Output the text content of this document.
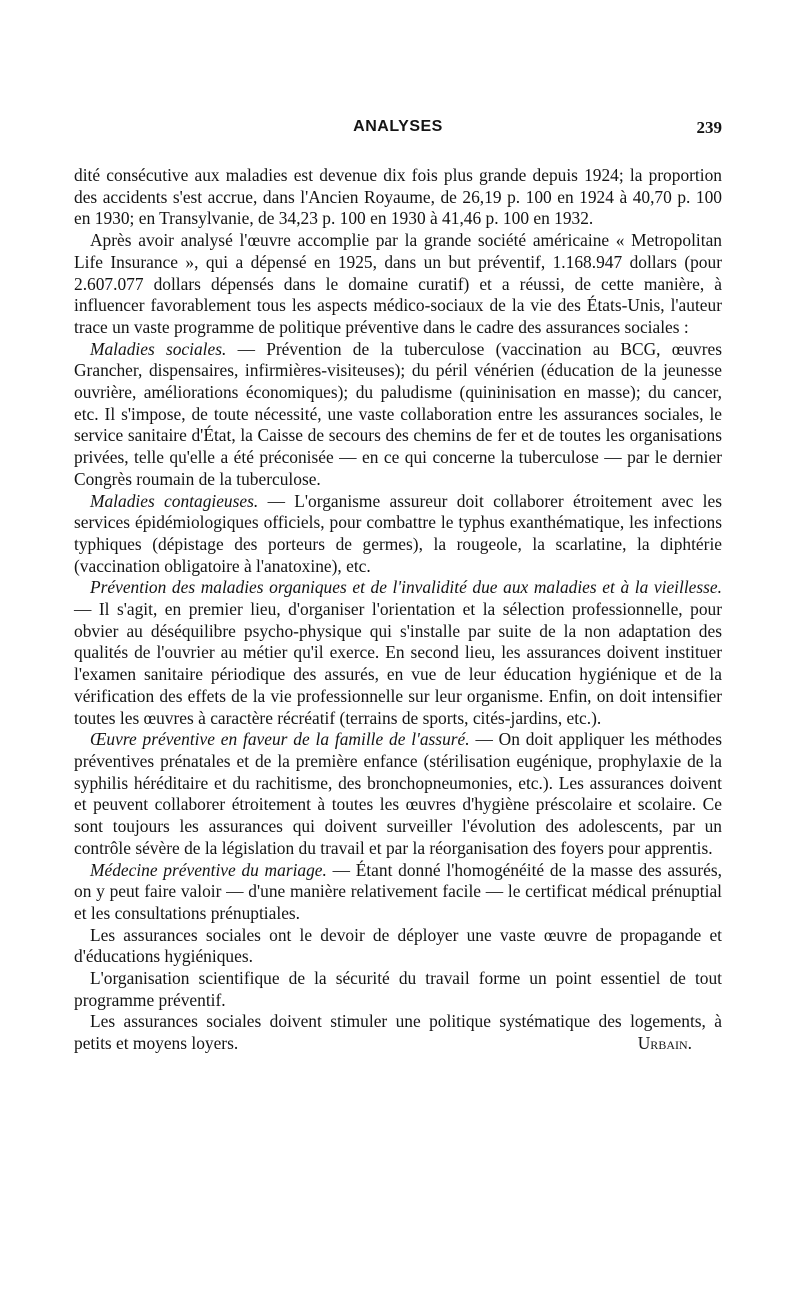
ANALYSES	239

dité consécutive aux maladies est devenue dix fois plus grande depuis 1924; la proportion des accidents s'est accrue, dans l'Ancien Royaume, de 26,19 p. 100 en 1924 à 40,70 p. 100 en 1930; en Transylvanie, de 34,23 p. 100 en 1930 à 41,46 p. 100 en 1932.

Après avoir analysé l'œuvre accomplie par la grande société américaine « Metropolitan Life Insurance », qui a dépensé en 1925, dans un but préventif, 1.168.947 dollars (pour 2.607.077 dollars dépensés dans le domaine curatif) et a réussi, de cette manière, à influencer favorablement tous les aspects médico-sociaux de la vie des États-Unis, l'auteur trace un vaste programme de politique préventive dans le cadre des assurances sociales :

Maladies sociales. — Prévention de la tuberculose (vaccination au BCG, œuvres Grancher, dispensaires, infirmières-visiteuses); du péril vénérien (éducation de la jeunesse ouvrière, améliorations économiques); du paludisme (quininisation en masse); du cancer, etc. Il s'impose, de toute nécessité, une vaste collaboration entre les assurances sociales, le service sanitaire d'État, la Caisse de secours des chemins de fer et de toutes les organisations privées, telle qu'elle a été préconisée — en ce qui concerne la tuberculose — par le dernier Congrès roumain de la tuberculose.

Maladies contagieuses. — L'organisme assureur doit collaborer étroitement avec les services épidémiologiques officiels, pour combattre le typhus exanthématique, les infections typhiques (dépistage des porteurs de germes), la rougeole, la scarlatine, la diphtérie (vaccination obligatoire à l'anatoxine), etc.

Prévention des maladies organiques et de l'invalidité due aux maladies et à la vieillesse. — Il s'agit, en premier lieu, d'organiser l'orientation et la sélection professionnelle, pour obvier au déséquilibre psycho-physique qui s'installe par suite de la non adaptation des qualités de l'ouvrier au métier qu'il exerce. En second lieu, les assurances doivent instituer l'examen sanitaire périodique des assurés, en vue de leur éducation hygiénique et de la vérification des effets de la vie professionnelle sur leur organisme. Enfin, on doit intensifier toutes les œuvres à caractère récréatif (terrains de sports, cités-jardins, etc.).

Œuvre préventive en faveur de la famille de l'assuré. — On doit appliquer les méthodes préventives prénatales et de la première enfance (stérilisation eugénique, prophylaxie de la syphilis héréditaire et du rachitisme, des bronchopneumonies, etc.). Les assurances doivent et peuvent collaborer étroitement à toutes les œuvres d'hygiène préscolaire et scolaire. Ce sont toujours les assurances qui doivent surveiller l'évolution des adolescents, par un contrôle sévère de la législation du travail et par la réorganisation des foyers pour apprentis.

Médecine préventive du mariage. — Étant donné l'homogénéité de la masse des assurés, on y peut faire valoir — d'une manière relativement facile — le certificat médical prénuptial et les consultations prénuptiales.

Les assurances sociales ont le devoir de déployer une vaste œuvre de propagande et d'éducations hygiéniques.

L'organisation scientifique de la sécurité du travail forme un point essentiel de tout programme préventif.

Les assurances sociales doivent stimuler une politique systématique des logements, à petits et moyens loyers.	Urbain.
